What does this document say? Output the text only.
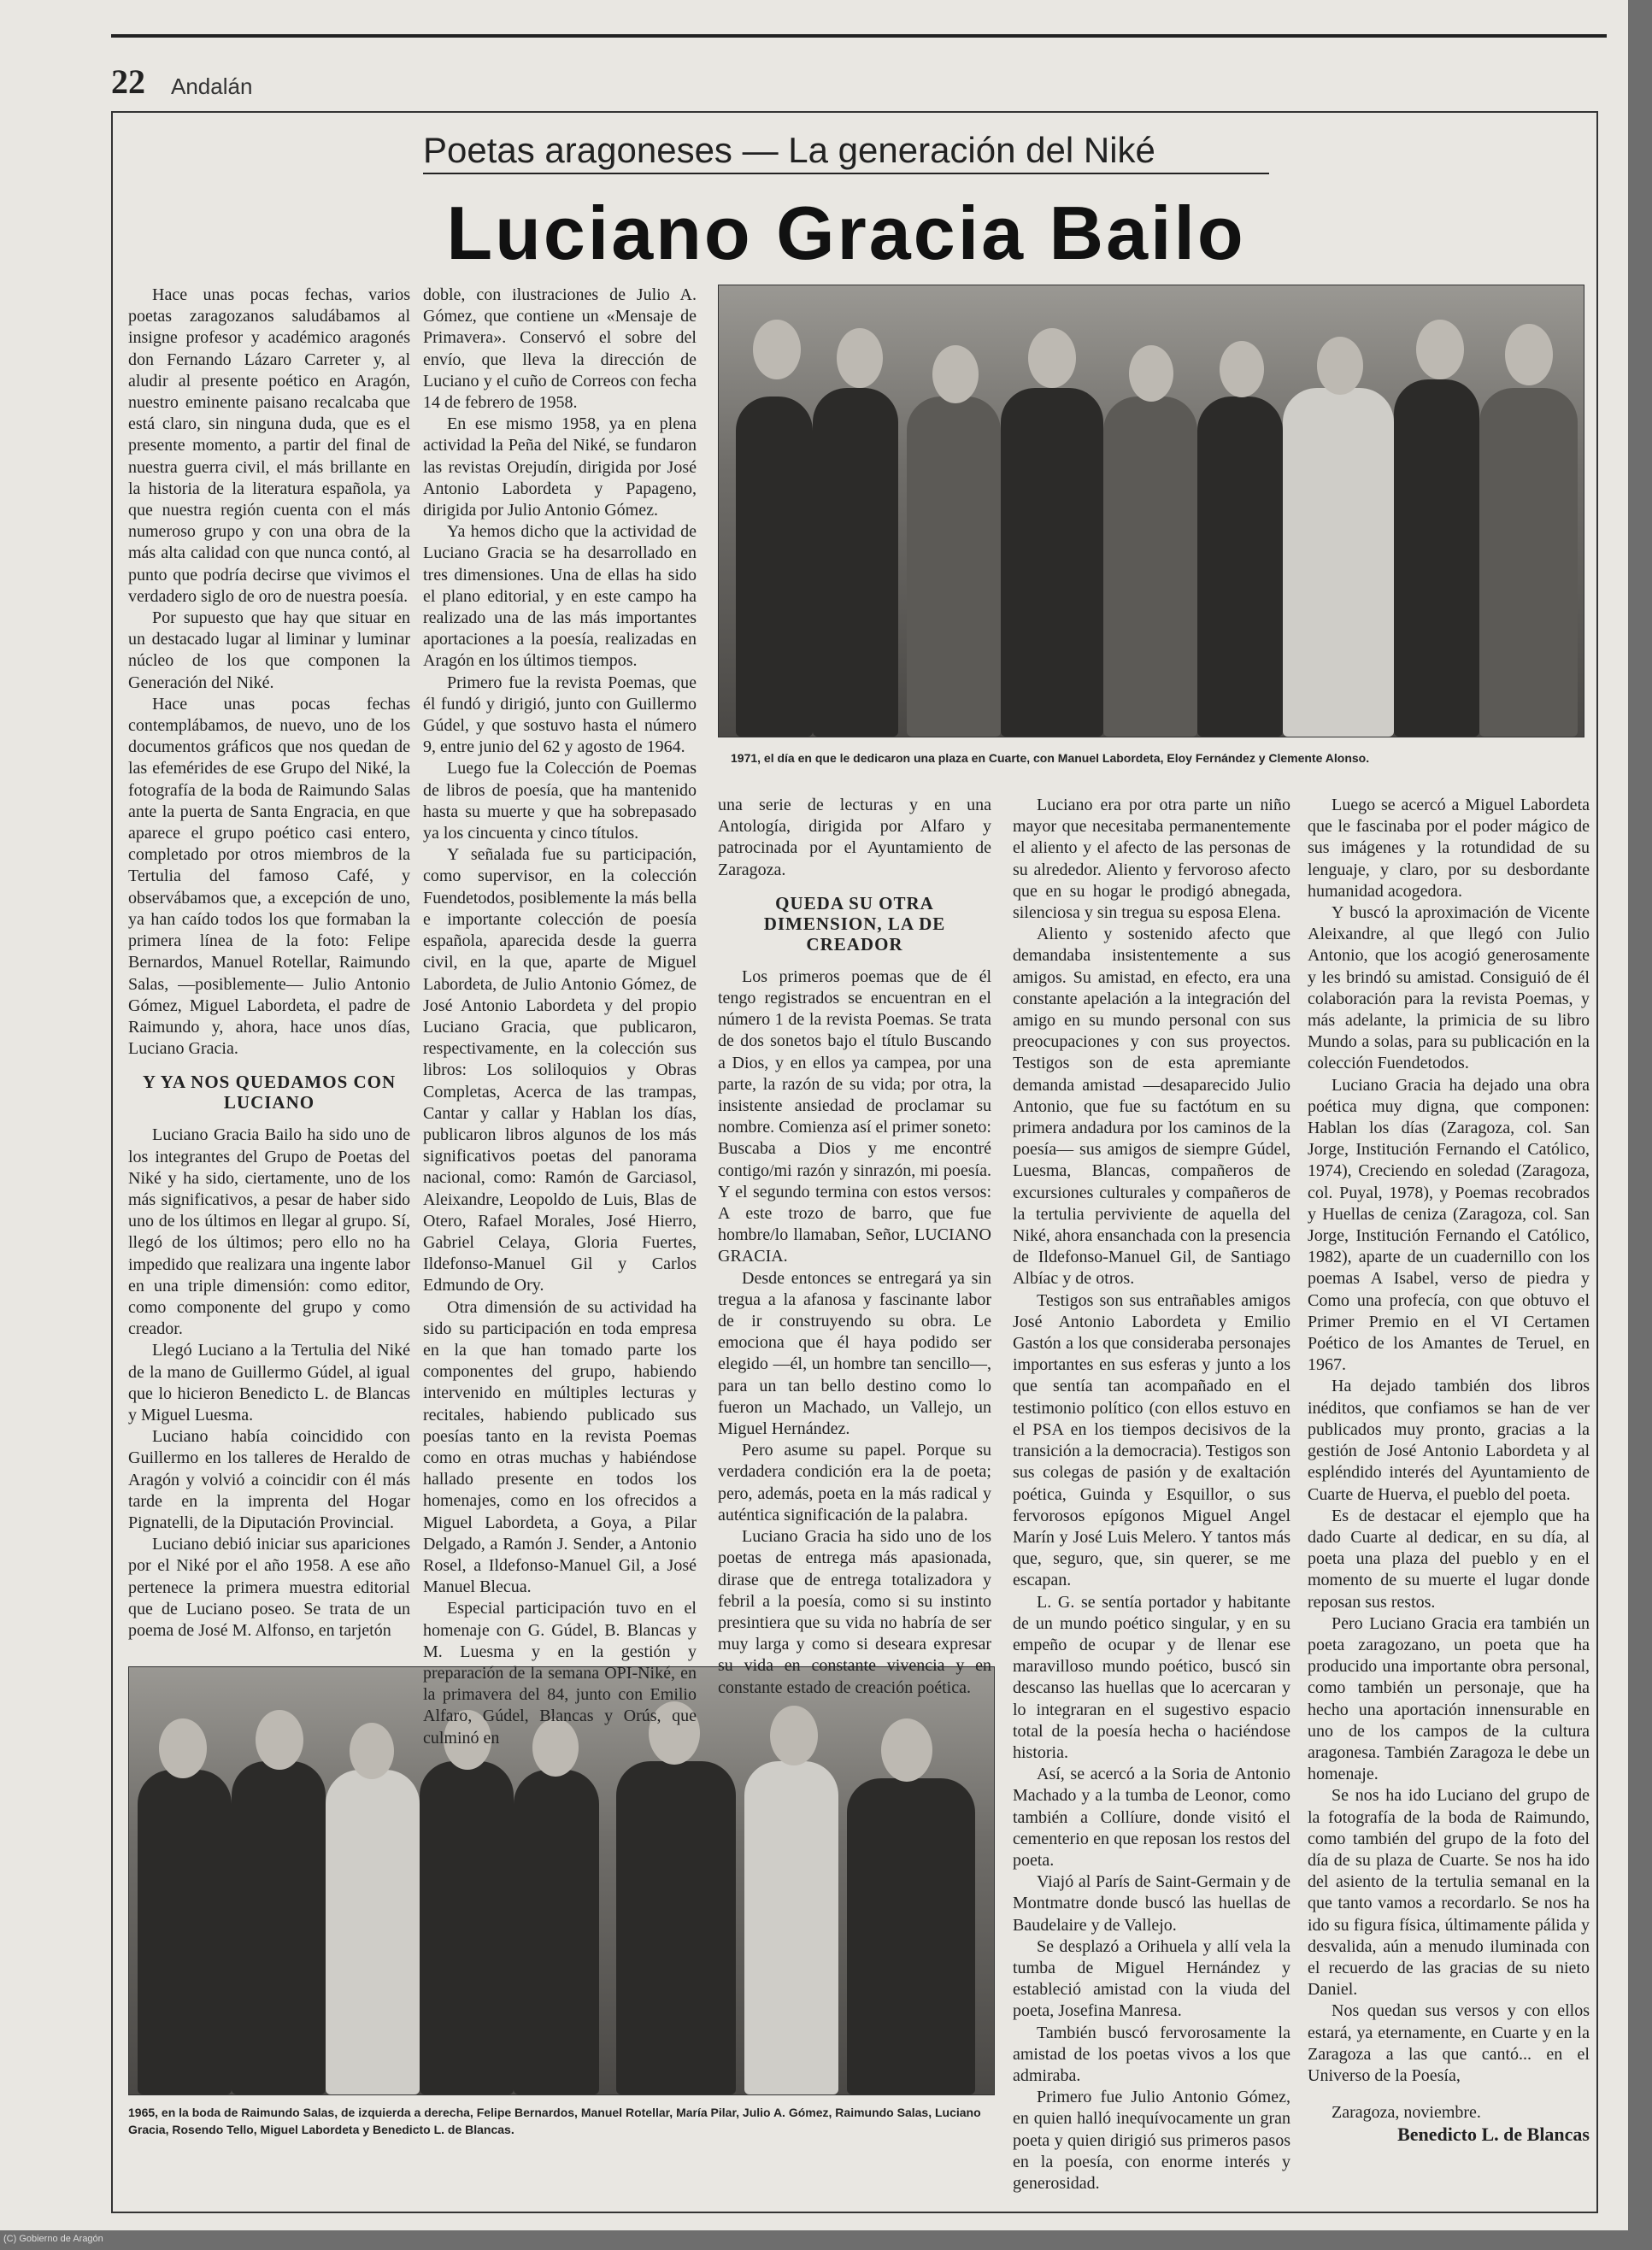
22 Andalán
Poetas aragoneses — La generación del Niké
Luciano Gracia Bailo
1971, el día en que le dedicaron una plaza en Cuarte, con Manuel Labordeta, Eloy Fernández y Clemente Alonso.
1965, en la boda de Raimundo Salas, de izquierda a derecha, Felipe Bernardos, Manuel Rotellar, María Pilar, Julio A. Gómez, Raimundo Salas, Luciano Gracia, Rosendo Tello, Miguel Labordeta y Benedicto L. de Blancas.

Hace unas pocas fechas, varios poetas zaragozanos saludábamos al insigne profesor y académico aragonés don Fernando Lázaro Carreter y, al aludir al presente poético en Aragón, nuestro eminente paisano recalcaba que está claro, sin ninguna duda, que es el presente momento, a partir del final de nuestra guerra civil, el más brillante en la historia de la literatura española, ya que nuestra región cuenta con el más numeroso grupo y con una obra de la más alta calidad con que nunca contó, al punto que podría decirse que vivimos el verdadero siglo de oro de nuestra poesía.

Por supuesto que hay que situar en un destacado lugar al liminar y luminar núcleo de los que componen la Generación del Niké.

Hace unas pocas fechas contemplábamos, de nuevo, uno de los documentos gráficos que nos quedan de las efemérides de ese Grupo del Niké, la fotografía de la boda de Raimundo Salas ante la puerta de Santa Engracia, en que aparece el grupo poético casi entero, completado por otros miembros de la Tertulia del famoso Café, y observábamos que, a excepción de uno, ya han caído todos los que formaban la primera línea de la foto: Felipe Bernardos, Manuel Rotellar, Raimundo Salas, —posiblemente— Julio Antonio Gómez, Miguel Labordeta, el padre de Raimundo y, ahora, hace unos días, Luciano Gracia.

Y YA NOS QUEDAMOS CON LUCIANO

Luciano Gracia Bailo ha sido uno de los integrantes del Grupo de Poetas del Niké y ha sido, ciertamente, uno de los más significativos, a pesar de haber sido uno de los últimos en llegar al grupo. Sí, llegó de los últimos; pero ello no ha impedido que realizara una ingente labor en una triple dimensión: como editor, como componente del grupo y como creador.

Llegó Luciano a la Tertulia del Niké de la mano de Guillermo Gúdel, al igual que lo hicieron Benedicto L. de Blancas y Miguel Luesma.

Luciano había coincidido con Guillermo en los talleres de Heraldo de Aragón y volvió a coincidir con él más tarde en la imprenta del Hogar Pignatelli, de la Diputación Provincial.

Luciano debió iniciar sus apariciones por el Niké por el año 1958. A ese año pertenece la primera muestra editorial que de Luciano poseo. Se trata de un poema de José M. Alfonso, en tarjetón

doble, con ilustraciones de Julio A. Gómez, que contiene un «Mensaje de Primavera». Conservó el sobre del envío, que lleva la dirección de Luciano y el cuño de Correos con fecha 14 de febrero de 1958.

En ese mismo 1958, ya en plena actividad la Peña del Niké, se fundaron las revistas Orejudín, dirigida por José Antonio Labordeta y Papageno, dirigida por Julio Antonio Gómez.

Ya hemos dicho que la actividad de Luciano Gracia se ha desarrollado en tres dimensiones. Una de ellas ha sido el plano editorial, y en este campo ha realizado una de las más importantes aportaciones a la poesía, realizadas en Aragón en los últimos tiempos.

Primero fue la revista Poemas, que él fundó y dirigió, junto con Guillermo Gúdel, y que sostuvo hasta el número 9, entre junio del 62 y agosto de 1964.

Luego fue la Colección de Poemas de libros de poesía, que ha mantenido hasta su muerte y que ha sobrepasado ya los cincuenta y cinco títulos.

Y señalada fue su participación, como supervisor, en la colección Fuendetodos, posiblemente la más bella e importante colección de poesía española, aparecida desde la guerra civil, en la que, aparte de Miguel Labordeta, de Julio Antonio Gómez, de José Antonio Labordeta y del propio Luciano Gracia, que publicaron, respectivamente, en la colección sus libros: Los soliloquios y Obras Completas, Acerca de las trampas, Cantar y callar y Hablan los días, publicaron libros algunos de los más significativos poetas del panorama nacional, como: Ramón de Garciasol, Aleixandre, Leopoldo de Luis, Blas de Otero, Rafael Morales, José Hierro, Gabriel Celaya, Gloria Fuertes, Ildefonso-Manuel Gil y Carlos Edmundo de Ory.

Otra dimensión de su actividad ha sido su participación en toda empresa en la que han tomado parte los componentes del grupo, habiendo intervenido en múltiples lecturas y recitales, habiendo publicado sus poesías tanto en la revista Poemas como en otras muchas y habiéndose hallado presente en todos los homenajes, como en los ofrecidos a Miguel Labordeta, a Goya, a Pilar Delgado, a Ramón J. Sender, a Antonio Rosel, a Ildefonso-Manuel Gil, a José Manuel Blecua.

Especial participación tuvo en el homenaje con G. Gúdel, B. Blancas y M. Luesma y en la gestión y preparación de la semana OPI-Niké, en la primavera del 84, junto con Emilio Alfaro, Gúdel, Blancas y Orús, que culminó en

una serie de lecturas y en una Antología, dirigida por Alfaro y patrocinada por el Ayuntamiento de Zaragoza.

QUEDA SU OTRA DIMENSION, LA DE CREADOR

Los primeros poemas que de él tengo registrados se encuentran en el número 1 de la revista Poemas. Se trata de dos sonetos bajo el título Buscando a Dios, y en ellos ya campea, por una parte, la razón de su vida; por otra, la insistente ansiedad de proclamar su nombre. Comienza así el primer soneto: Buscaba a Dios y me encontré contigo/mi razón y sinrazón, mi poesía. Y el segundo termina con estos versos: A este trozo de barro, que fue hombre/lo llamaban, Señor, LUCIANO GRACIA.

Desde entonces se entregará ya sin tregua a la afanosa y fascinante labor de ir construyendo su obra. Le emociona que él haya podido ser elegido —él, un hombre tan sencillo—, para un tan bello destino como lo fueron un Machado, un Vallejo, un Miguel Hernández.

Pero asume su papel. Porque su verdadera condición era la de poeta; pero, además, poeta en la más radical y auténtica significación de la palabra.

Luciano Gracia ha sido uno de los poetas de entrega más apasionada, dirase que de entrega totalizadora y febril a la poesía, como si su instinto presintiera que su vida no habría de ser muy larga y como si deseara expresar su vida en constante vivencia y en constante estado de creación poética.

Luciano era por otra parte un niño mayor que necesitaba permanentemente el aliento y el afecto de las personas de su alrededor. Aliento y fervoroso afecto que en su hogar le prodigó abnegada, silenciosa y sin tregua su esposa Elena.

Aliento y sostenido afecto que demandaba insistentemente a sus amigos. Su amistad, en efecto, era una constante apelación a la integración del amigo en su mundo personal con sus preocupaciones y con sus proyectos. Testigos son de esta apremiante demanda amistad —desaparecido Julio Antonio, que fue su factótum en su primera andadura por los caminos de la poesía— sus amigos de siempre Gúdel, Luesma, Blancas, compañeros de excursiones culturales y compañeros de la tertulia perviviente de aquella del Niké, ahora ensanchada con la presencia de Ildefonso-Manuel Gil, de Santiago Albíac y de otros.

Testigos son sus entrañables amigos José Antonio Labordeta y Emilio Gastón a los que consideraba personajes importantes en sus esferas y junto a los que sentía tan acompañado en el testimonio político (con ellos estuvo en el PSA en los tiempos decisivos de la transición a la democracia). Testigos son sus colegas de pasión y de exaltación poética, Guinda y Esquillor, o sus fervorosos epígonos Miguel Angel Marín y José Luis Melero. Y tantos más que, seguro, que, sin querer, se me escapan.

L. G. se sentía portador y habitante de un mundo poético singular, y en su empeño de ocupar y de llenar ese maravilloso mundo poético, buscó sin descanso las huellas que lo acercaran y lo integraran en el sugestivo espacio total de la poesía hecha o haciéndose historia.

Así, se acercó a la Soria de Antonio Machado y a la tumba de Leonor, como también a Collíure, donde visitó el cementerio en que reposan los restos del poeta.

Viajó al París de Saint-Germain y de Montmatre donde buscó las huellas de Baudelaire y de Vallejo.

Se desplazó a Orihuela y allí vela la tumba de Miguel Hernández y estableció amistad con la viuda del poeta, Josefina Manresa.

También buscó fervorosamente la amistad de los poetas vivos a los que admiraba.

Primero fue Julio Antonio Gómez, en quien halló inequívocamente un gran poeta y quien dirigió sus primeros pasos en la poesía, con enorme interés y generosidad.

Luego se acercó a Miguel Labordeta que le fascinaba por el poder mágico de sus imágenes y la rotundidad de su lenguaje, y claro, por su desbordante humanidad acogedora.

Y buscó la aproximación de Vicente Aleixandre, al que llegó con Julio Antonio, que los acogió generosamente y les brindó su amistad. Consiguió de él colaboración para la revista Poemas, y más adelante, la primicia de su libro Mundo a solas, para su publicación en la colección Fuendetodos.

Luciano Gracia ha dejado una obra poética muy digna, que componen: Hablan los días (Zaragoza, col. San Jorge, Institución Fernando el Católico, 1974), Creciendo en soledad (Zaragoza, col. Puyal, 1978), y Poemas recobrados y Huellas de ceniza (Zaragoza, col. San Jorge, Institución Fernando el Católico, 1982), aparte de un cuadernillo con los poemas A Isabel, verso de piedra y Como una profecía, con que obtuvo el Primer Premio en el VI Certamen Poético de los Amantes de Teruel, en 1967.

Ha dejado también dos libros inéditos, que confiamos se han de ver publicados muy pronto, gracias a la gestión de José Antonio Labordeta y al espléndido interés del Ayuntamiento de Cuarte de Huerva, el pueblo del poeta.

Es de destacar el ejemplo que ha dado Cuarte al dedicar, en su día, al poeta una plaza del pueblo y en el momento de su muerte el lugar donde reposan sus restos.

Pero Luciano Gracia era también un poeta zaragozano, un poeta que ha producido una importante obra personal, como también un personaje, que ha hecho una aportación innensurable en uno de los campos de la cultura aragonesa. También Zaragoza le debe un homenaje.

Se nos ha ido Luciano del grupo de la fotografía de la boda de Raimundo, como también del grupo de la foto del día de su plaza de Cuarte. Se nos ha ido del asiento de la tertulia semanal en la que tanto vamos a recordarlo. Se nos ha ido su figura física, últimamente pálida y desvalida, aún a menudo iluminada con el recuerdo de las gracias de su nieto Daniel.

Nos quedan sus versos y con ellos estará, ya eternamente, en Cuarte y en la Zaragoza a las que cantó... en el Universo de la Poesía,

Zaragoza, noviembre.

Benedicto L. de Blancas

(C) Gobierno de Aragón
